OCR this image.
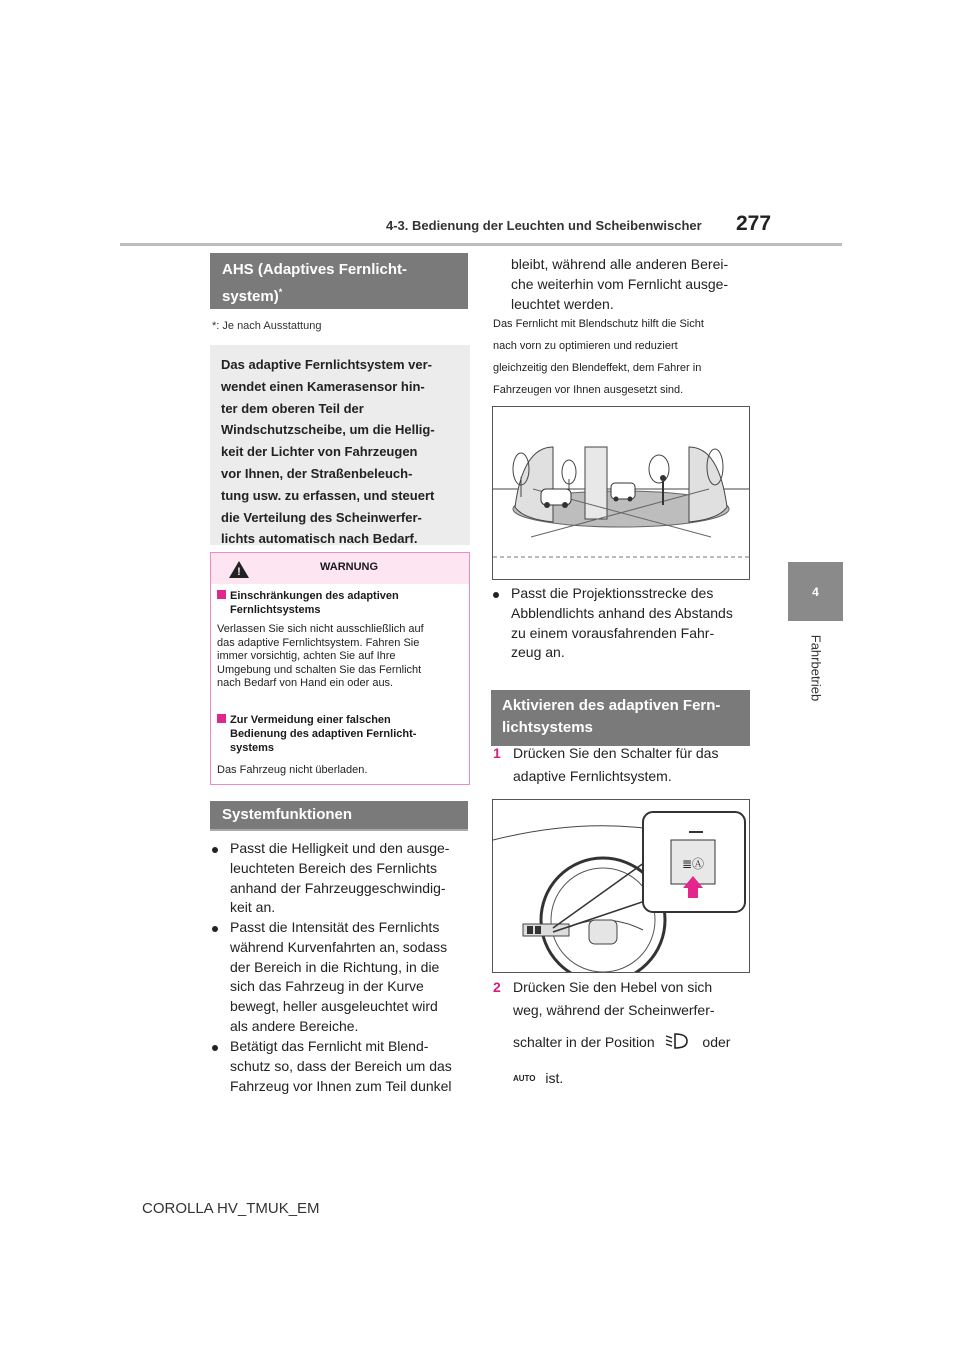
4-3. Bedienung der Leuchten und Scheibenwischer 277
4
Fahrbetrieb
AHS (Adaptives Fernlicht-
system)*
*: Je nach Ausstattung
Das adaptive Fernlichtsystem ver-
wendet einen Kamerasensor hin-
ter dem oberen Teil der
Windschutzscheibe, um die Hellig-
keit der Lichter von Fahrzeugen
vor Ihnen, der Straßenbeleuch-
tung usw. zu erfassen, und steuert
die Verteilung des Scheinwerfer-
lichts automatisch nach Bedarf.
!	WARNUNG
Einschränkungen des adaptiven
Fernlichtsystems
Verlassen Sie sich nicht ausschließlich auf
das adaptive Fernlichtsystem. Fahren Sie
immer vorsichtig, achten Sie auf Ihre
Umgebung und schalten Sie das Fernlicht
nach Bedarf von Hand ein oder aus.
Zur Vermeidung einer falschen
Bedienung des adaptiven Fernlicht-
systems
Das Fahrzeug nicht überladen.
Systemfunktionen
Passt die Helligkeit und den ausge-
leuchteten Bereich des Fernlichts
anhand der Fahrzeuggeschwindig-
keit an.
Passt die Intensität des Fernlichts
während Kurvenfahrten an, sodass
der Bereich in die Richtung, in die
sich das Fahrzeug in der Kurve
bewegt, heller ausgeleuchtet wird
als andere Bereiche.
Betätigt das Fernlicht mit Blend-
schutz so, dass der Bereich um das
Fahrzeug vor Ihnen zum Teil dunkel
bleibt, während alle anderen Berei-
che weiterhin vom Fernlicht ausge-
leuchtet werden.
Das Fernlicht mit Blendschutz hilft die Sicht
nach vorn zu optimieren und reduziert
gleichzeitig den Blendeffekt, dem Fahrer in
Fahrzeugen vor Ihnen ausgesetzt sind.
Passt die Projektionsstrecke des
Abblendlichts anhand des Abstands
zu einem vorausfahrenden Fahr-
zeug an.
Aktivieren des adaptiven Fern-
lichtsystems
1 Drücken Sie den Schalter für das
adaptive Fernlichtsystem.
≣Ⓐ
2 Drücken Sie den Hebel von sich
weg, während der Scheinwerfer-
schalter in der Position	oder
AUTO ist.
COROLLA HV_TMUK_EM
